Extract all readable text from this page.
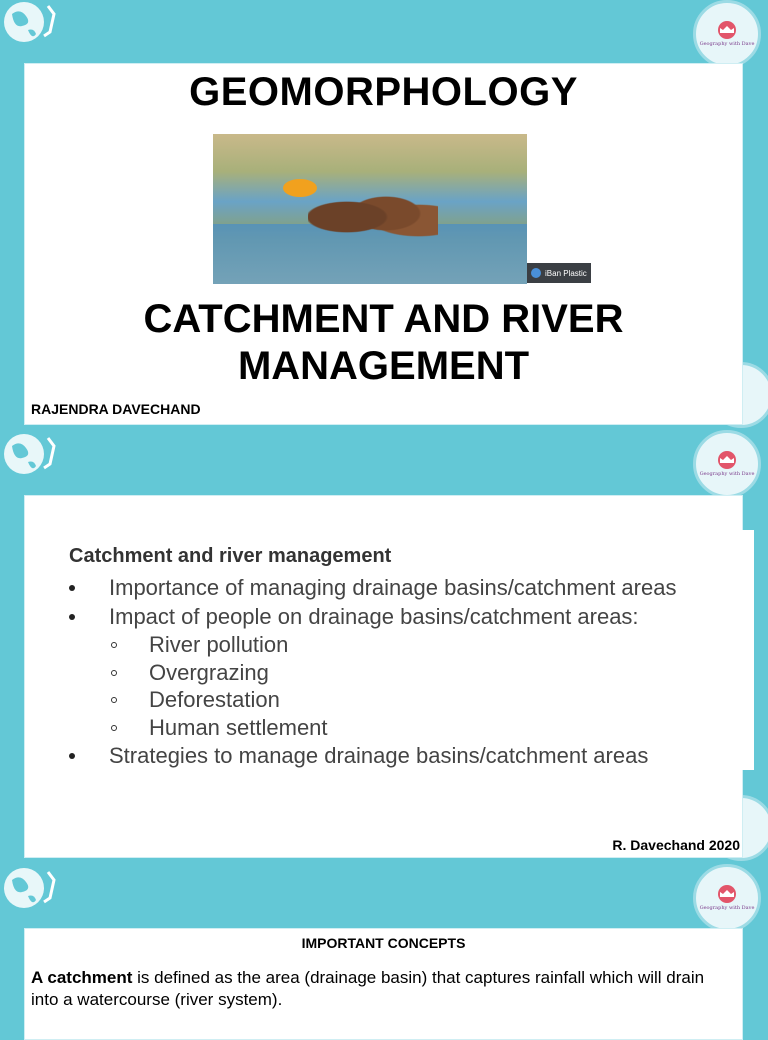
Geography with Dave
Geography with Dave
Geography with Dave
GEOMORPHOLOGY
iBan Plastic
CATCHMENT AND RIVER
MANAGEMENT
RAJENDRA DAVECHAND
Catchment and river management
Importance of managing drainage basins/catchment areas
Impact of people on drainage basins/catchment areas:
River pollution
Overgrazing
Deforestation
Human settlement
Strategies to manage drainage basins/catchment areas
R. Davechand 2020
IMPORTANT CONCEPTS
A catchment is defined as the area (drainage basin) that captures rainfall which will drain into a watercourse (river system).
